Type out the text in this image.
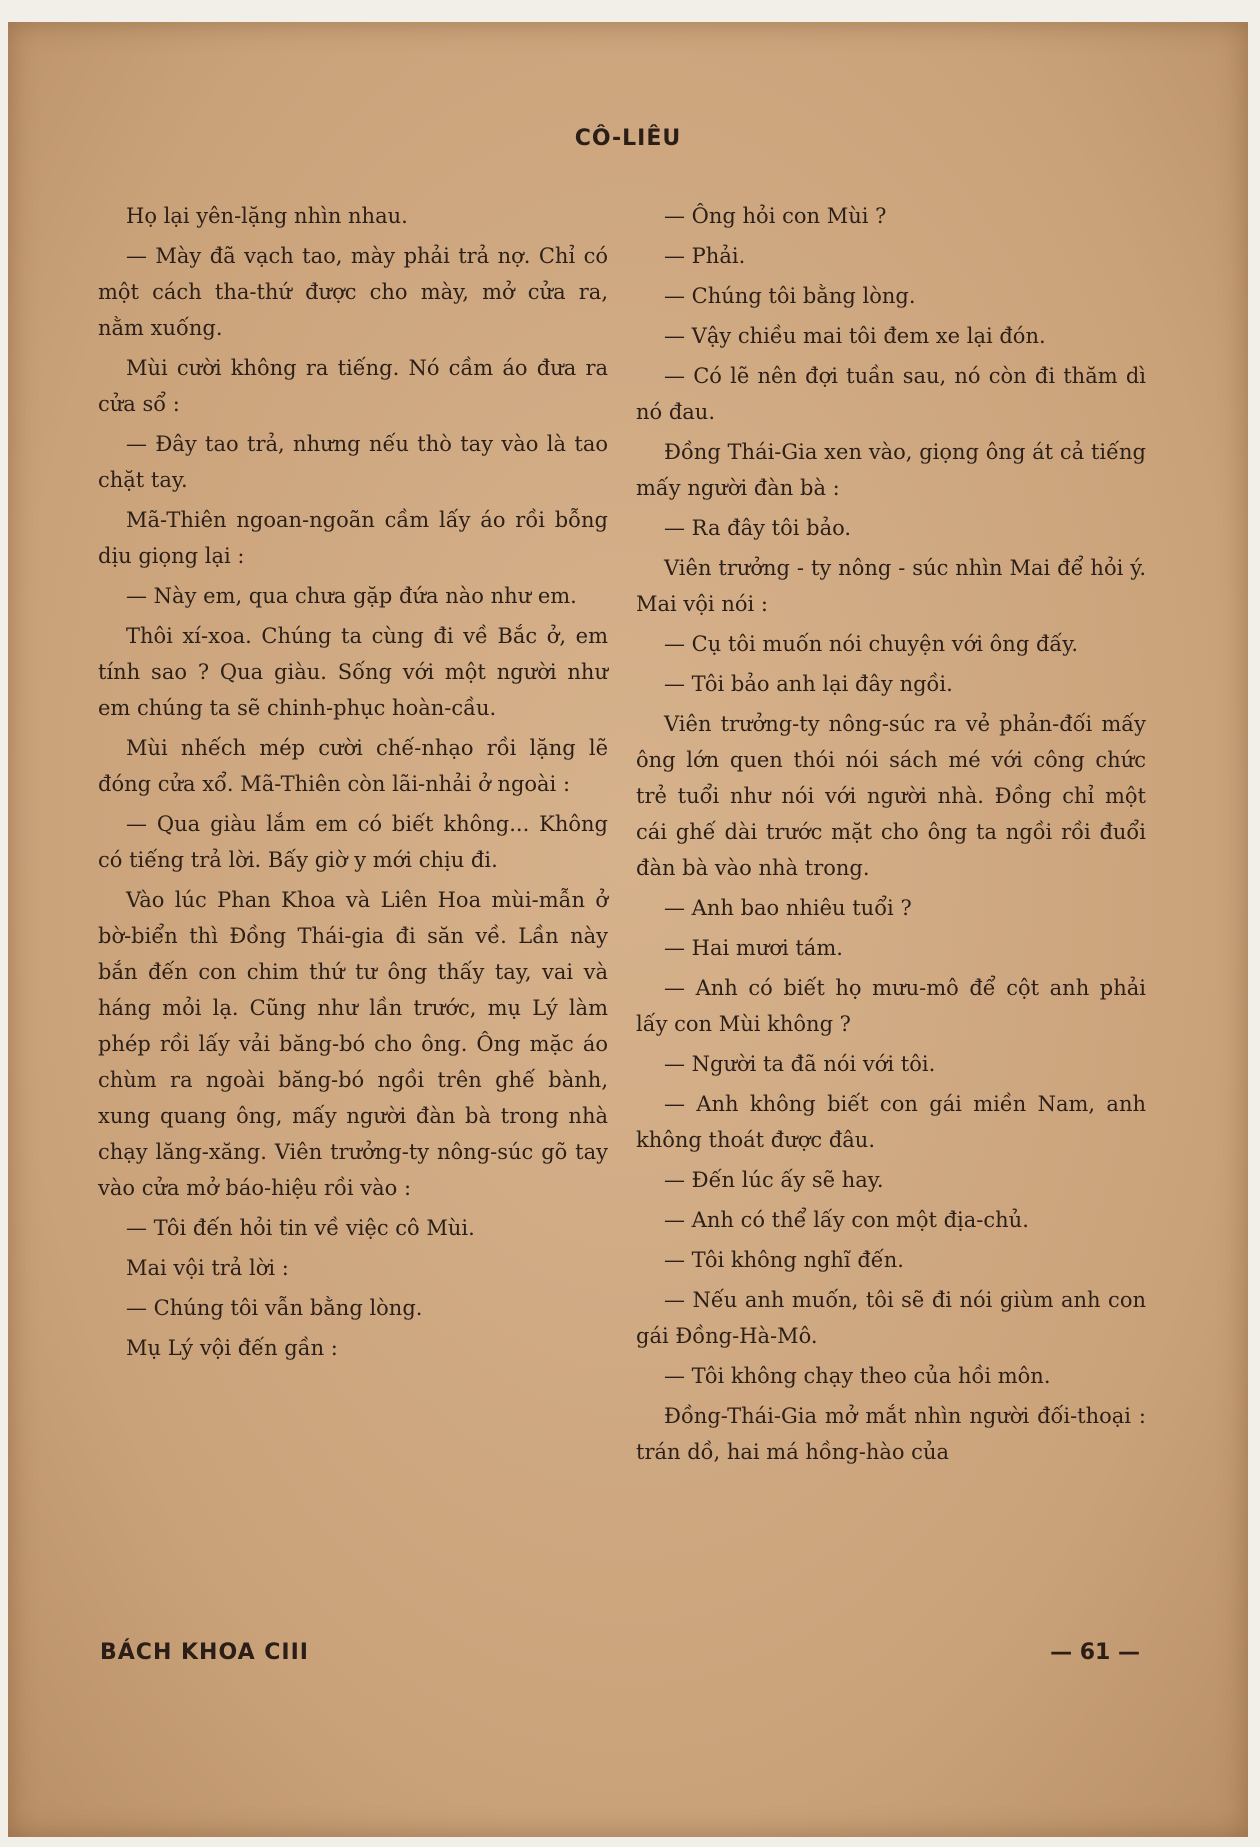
CÔ-LIÊU

Họ lại yên-lặng nhìn nhau.

— Mày đã vạch tao, mày phải trả nợ. Chỉ có một cách tha-thứ được cho mày, mở cửa ra, nằm xuống.

Mùi cười không ra tiếng. Nó cầm áo đưa ra cửa sổ :

— Đây tao trả, nhưng nếu thò tay vào là tao chặt tay.

Mã-Thiên ngoan-ngoãn cầm lấy áo rồi bỗng dịu giọng lại :

— Này em, qua chưa gặp đứa nào như em.

Thôi xí-xoa. Chúng ta cùng đi về Bắc ở, em tính sao ? Qua giàu. Sống với một người như em chúng ta sẽ chinh-phục hoàn-cầu.

Mùi nhếch mép cười chế-nhạo rồi lặng lẽ đóng cửa xổ. Mã-Thiên còn lãi-nhải ở ngoài :

— Qua giàu lắm em có biết không... Không có tiếng trả lời. Bấy giờ y mới chịu đi.

Vào lúc Phan Khoa và Liên Hoa mùi-mẫn ở bờ-biển thì Đồng Thái-gia đi săn về. Lần này bắn đến con chim thứ tư ông thấy tay, vai và háng mỏi lạ. Cũng như lần trước, mụ Lý làm phép rồi lấy vải băng-bó cho ông. Ông mặc áo chùm ra ngoài băng-bó ngồi trên ghế bành, xung quang ông, mấy người đàn bà trong nhà chạy lăng-xăng. Viên trưởng-ty nông-súc gõ tay vào cửa mở báo-hiệu rồi vào :

— Tôi đến hỏi tin về việc cô Mùi.

Mai vội trả lời :

— Chúng tôi vẫn bằng lòng.

Mụ Lý vội đến gần :

— Ông hỏi con Mùi ?

— Phải.

— Chúng tôi bằng lòng.

— Vậy chiều mai tôi đem xe lại đón.

— Có lẽ nên đợi tuần sau, nó còn đi thăm dì nó đau.

Đồng Thái-Gia xen vào, giọng ông át cả tiếng mấy người đàn bà :

— Ra đây tôi bảo.

Viên trưởng - ty nông - súc nhìn Mai để hỏi ý. Mai vội nói :

— Cụ tôi muốn nói chuyện với ông đấy.

— Tôi bảo anh lại đây ngồi.

Viên trưởng-ty nông-súc ra vẻ phản-đối mấy ông lớn quen thói nói sách mé với công chức trẻ tuổi như nói với người nhà. Đồng chỉ một cái ghế dài trước mặt cho ông ta ngồi rồi đuổi đàn bà vào nhà trong.

— Anh bao nhiêu tuổi ?

— Hai mươi tám.

— Anh có biết họ mưu-mô để cột anh phải lấy con Mùi không ?

— Người ta đã nói với tôi.

— Anh không biết con gái miền Nam, anh không thoát được đâu.

— Đến lúc ấy sẽ hay.

— Anh có thể lấy con một địa-chủ.

— Tôi không nghĩ đến.

— Nếu anh muốn, tôi sẽ đi nói giùm anh con gái Đồng-Hà-Mô.

— Tôi không chạy theo của hồi môn.

Đồng-Thái-Gia mở mắt nhìn người đối-thoại : trán dồ, hai má hồng-hào của

BÁCH KHOA CIII	— 61 —
